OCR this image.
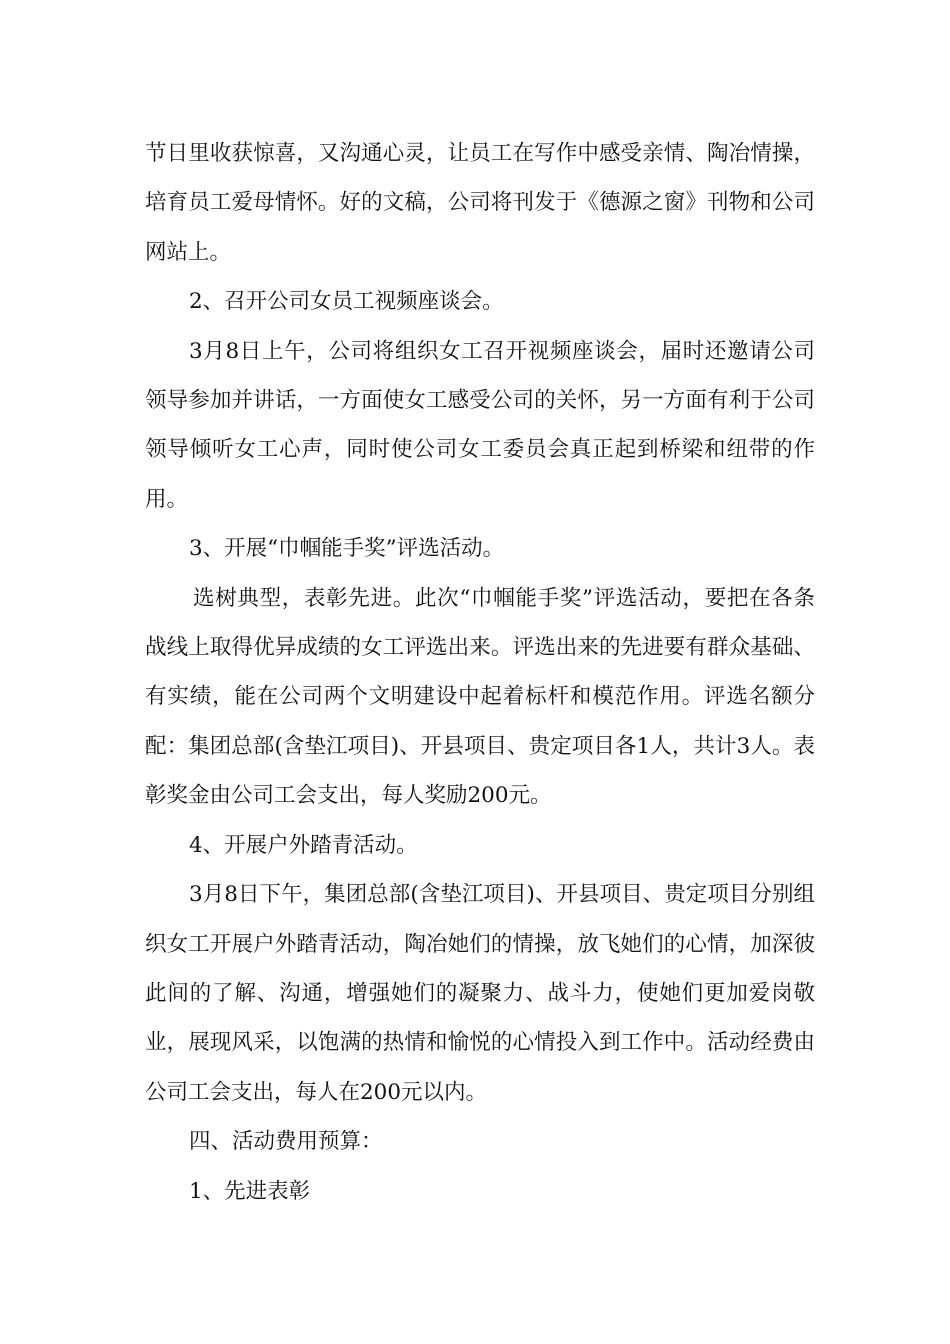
节日里收获惊喜，又沟通心灵，让员工在写作中感受亲情、陶冶情操，培育员工爱母情怀。好的文稿，公司将刊发于《德源之窗》刊物和公司网站上。

2、召开公司女员工视频座谈会。

3月8日上午，公司将组织女工召开视频座谈会，届时还邀请公司领导参加并讲话，一方面使女工感受公司的关怀，另一方面有利于公司领导倾听女工心声，同时使公司女工委员会真正起到桥梁和纽带的作用。

3、开展“巾帼能手奖”评选活动。

选树典型，表彰先进。此次“巾帼能手奖”评选活动，要把在各条战线上取得优异成绩的女工评选出来。评选出来的先进要有群众基础、有实绩，能在公司两个文明建设中起着标杆和模范作用。评选名额分配：集团总部(含垫江项目)、开县项目、贵定项目各1人，共计3人。表彰奖金由公司工会支出，每人奖励200元。

4、开展户外踏青活动。

3月8日下午，集团总部(含垫江项目)、开县项目、贵定项目分别组织女工开展户外踏青活动，陶冶她们的情操，放飞她们的心情，加深彼此间的了解、沟通，增强她们的凝聚力、战斗力，使她们更加爱岗敬业，展现风采，以饱满的热情和愉悦的心情投入到工作中。活动经费由公司工会支出，每人在200元以内。

四、活动费用预算：

1、先进表彰
